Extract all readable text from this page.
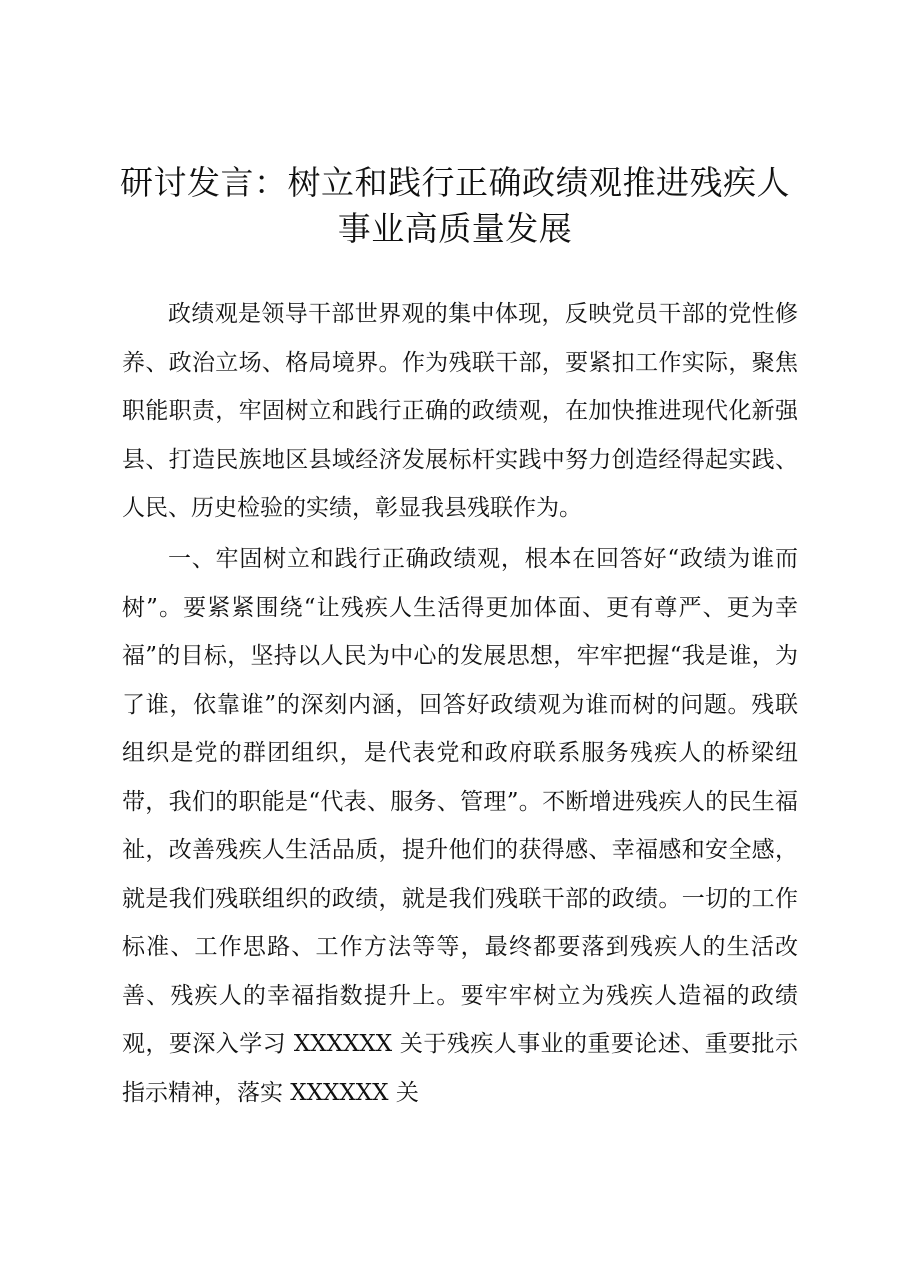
研讨发言：树立和践行正确政绩观推进残疾人
事业高质量发展

政绩观是领导干部世界观的集中体现，反映党员干部的党性修养、政治立场、格局境界。作为残联干部，要紧扣工作实际，聚焦职能职责，牢固树立和践行正确的政绩观，在加快推进现代化新强县、打造民族地区县域经济发展标杆实践中努力创造经得起实践、人民、历史检验的实绩，彰显我县残联作为。

一、牢固树立和践行正确政绩观，根本在回答好“政绩为谁而树”。要紧紧围绕“让残疾人生活得更加体面、更有尊严、更为幸福”的目标，坚持以人民为中心的发展思想，牢牢把握“我是谁，为了谁，依靠谁”的深刻内涵，回答好政绩观为谁而树的问题。残联组织是党的群团组织，是代表党和政府联系服务残疾人的桥梁纽带，我们的职能是“代表、服务、管理”。不断增进残疾人的民生福祉，改善残疾人生活品质，提升他们的获得感、幸福感和安全感，就是我们残联组织的政绩，就是我们残联干部的政绩。一切的工作标准、工作思路、工作方法等等，最终都要落到残疾人的生活改善、残疾人的幸福指数提升上。要牢牢树立为残疾人造福的政绩观，要深入学习 XXXXXX 关于残疾人事业的重要论述、重要批示指示精神，落实 XXXXXX 关
